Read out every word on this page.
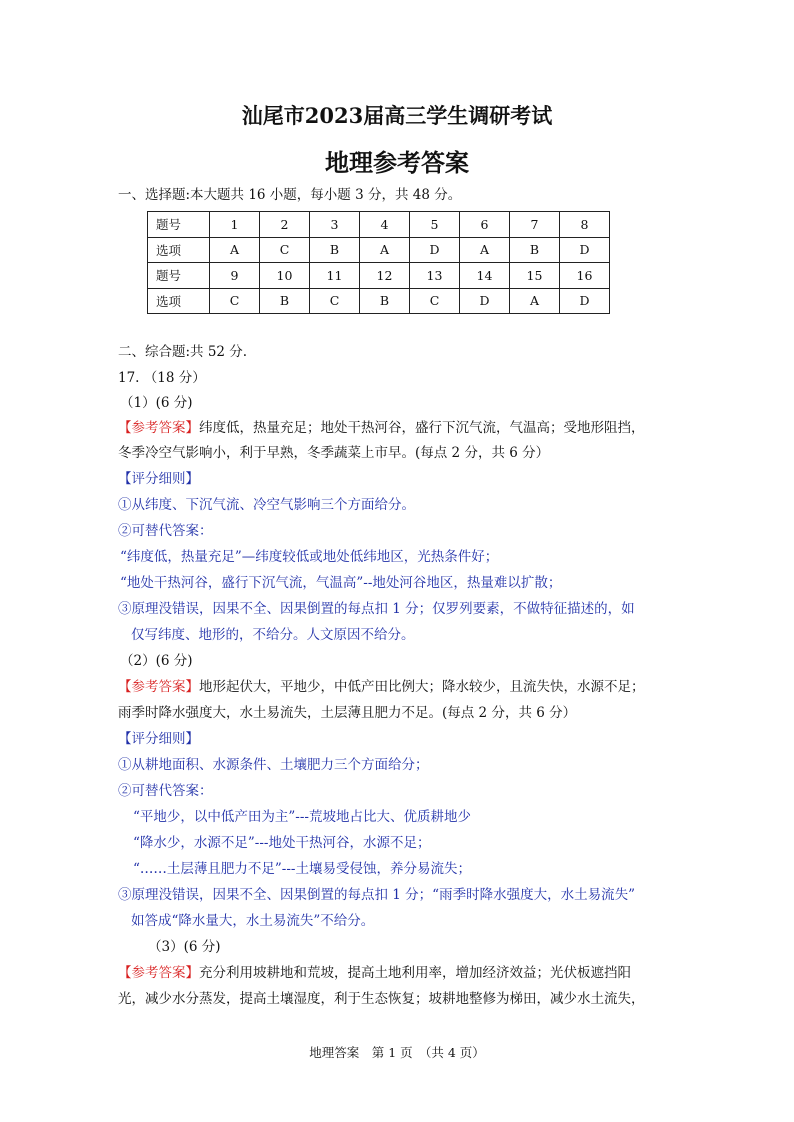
汕尾市2023届高三学生调研考试
地理参考答案
一、选择题:本大题共 16 小题，每小题 3 分，共 48 分。
题号	1	2	3	4	5	6	7	8
选项	A	C	B	A	D	A	B	D
题号	9	10	11	12	13	14	15	16
选项	C	B	C	B	C	D	A	D
二、综合题:共 52 分.
17. （18 分）
（1）(6 分)
【参考答案】纬度低，热量充足；地处干热河谷，盛行下沉气流，气温高；受地形阻挡，
冬季冷空气影响小，利于早熟，冬季蔬菜上市早。(每点 2 分，共 6 分）
【评分细则】
①从纬度、下沉气流、冷空气影响三个方面给分。
②可替代答案：
“纬度低，热量充足”—纬度较低或地处低纬地区，光热条件好；
“地处干热河谷，盛行下沉气流，气温高”--地处河谷地区，热量难以扩散；
③原理没错误，因果不全、因果倒置的每点扣 1 分；仅罗列要素，不做特征描述的，如
仅写纬度、地形的，不给分。人文原因不给分。
（2）(6 分)
【参考答案】地形起伏大，平地少，中低产田比例大；降水较少，且流失快，水源不足；
雨季时降水强度大，水土易流失，土层薄且肥力不足。(每点 2 分，共 6 分）
【评分细则】
①从耕地面积、水源条件、土壤肥力三个方面给分；
②可替代答案：
“平地少，以中低产田为主”---荒坡地占比大、优质耕地少
“降水少，水源不足”---地处干热河谷，水源不足；
“……土层薄且肥力不足”---土壤易受侵蚀，养分易流失；
③原理没错误，因果不全、因果倒置的每点扣 1 分；“雨季时降水强度大，水土易流失”
如答成“降水量大，水土易流失”不给分。
（3）(6 分)
【参考答案】充分利用坡耕地和荒坡，提高土地利用率，增加经济效益；光伏板遮挡阳
光，减少水分蒸发，提高土壤湿度，利于生态恢复；坡耕地整修为梯田，减少水土流失，
地理答案　第 1 页　（共 4 页）
